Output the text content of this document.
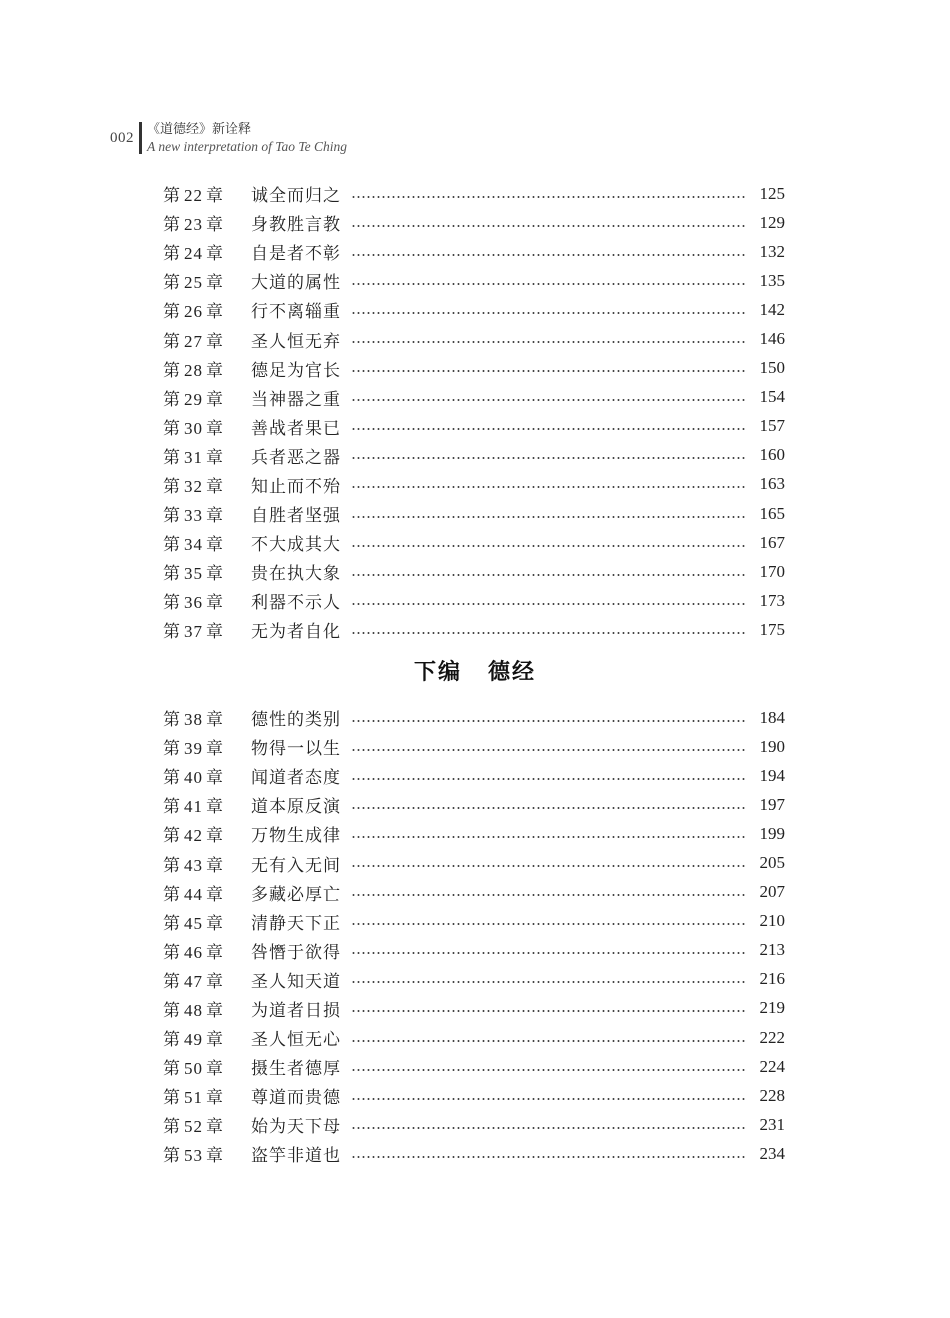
002 《道德经》新诠释
A new interpretation of Tao Te Ching
第 22 章	诚全而归之	125
第 23 章	身教胜言教	129
第 24 章	自是者不彰	132
第 25 章	大道的属性	135
第 26 章	行不离辎重	142
第 27 章	圣人恒无弃	146
第 28 章	德足为官长	150
第 29 章	当神器之重	154
第 30 章	善战者果已	157
第 31 章	兵者恶之器	160
第 32 章	知止而不殆	163
第 33 章	自胜者坚强	165
第 34 章	不大成其大	167
第 35 章	贵在执大象	170
第 36 章	利器不示人	173
第 37 章	无为者自化	175
下编 德经
第 38 章	德性的类别	184
第 39 章	物得一以生	190
第 40 章	闻道者态度	194
第 41 章	道本原反演	197
第 42 章	万物生成律	199
第 43 章	无有入无间	205
第 44 章	多藏必厚亡	207
第 45 章	清静天下正	210
第 46 章	咎憯于欲得	213
第 47 章	圣人知天道	216
第 48 章	为道者日损	219
第 49 章	圣人恒无心	222
第 50 章	摄生者德厚	224
第 51 章	尊道而贵德	228
第 52 章	始为天下母	231
第 53 章	盗竽非道也	234
